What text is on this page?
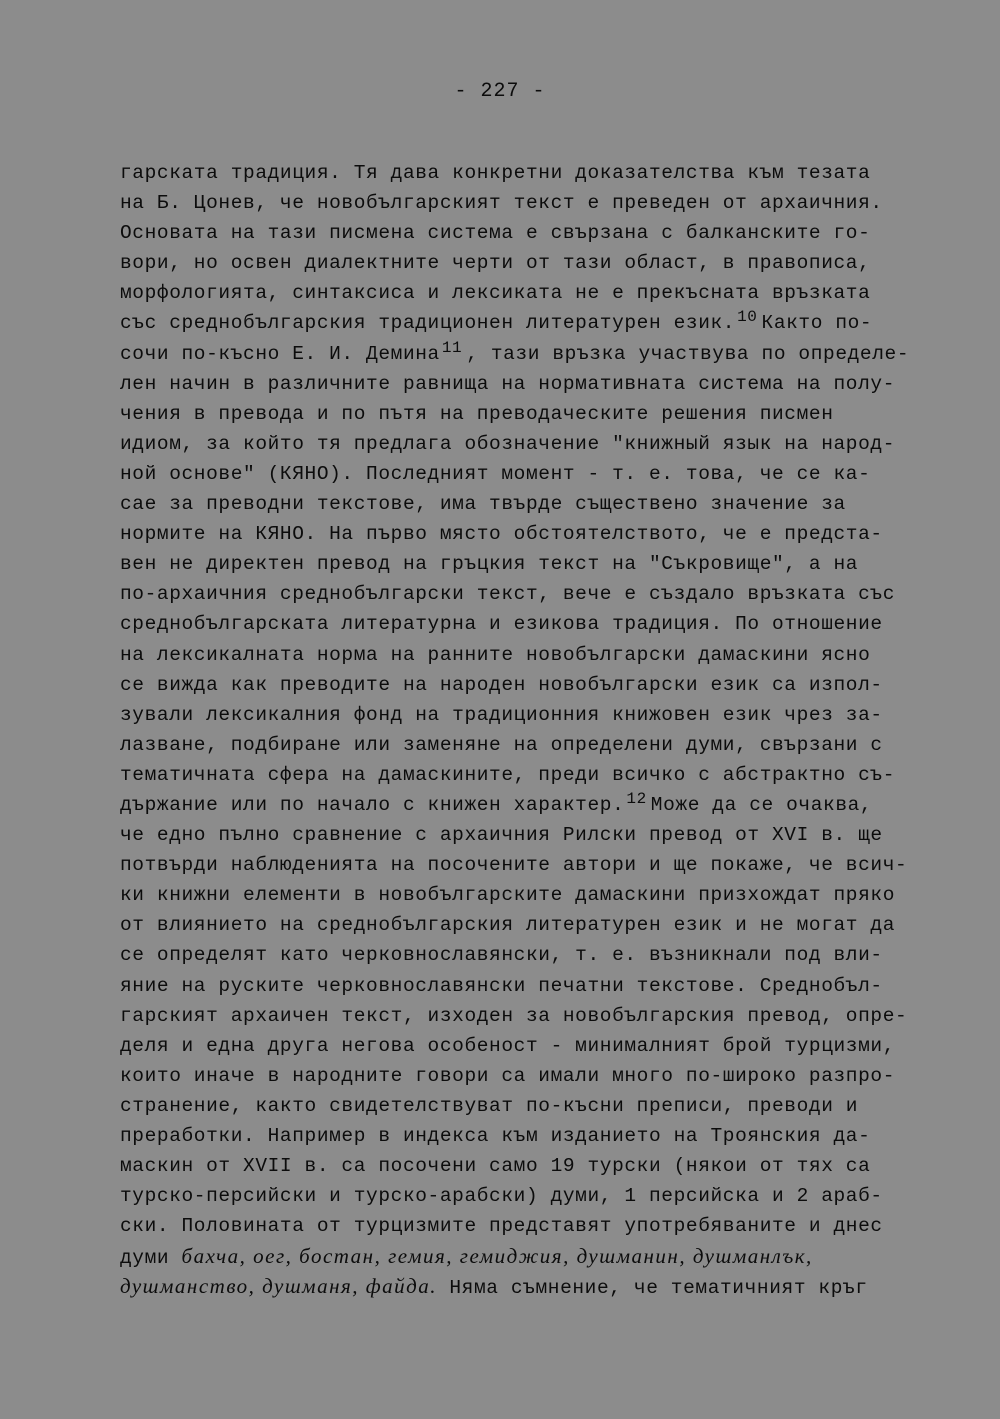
- 227 -
гарската традиция. Тя дава конкретни доказателства към тезата
на Б. Цонев, че новобългарският текст е преведен от архаичния.
Основата на тази писмена система е свързана с балканските го-
вори, но освен диалектните черти от тази област, в правописа,
морфологията, синтаксиса и лексиката не е прекъсната връзката
със среднобългарския традиционен литературен език. $^{10}$ Както по-
сочи по-късно Е. И. Демина $^{11}$ , тази връзка участвува по определе-
лен начин в различните равнища на нормативната система на полу-
чения в превода и по пътя на преводаческите решения писмен
идиом, за който тя предлага обозначение "книжный язык на народ-
ной основе" (КЯНО). Последният момент - т. е. това, че се ка-
сае за преводни текстове, има твърде съществено значение за
нормите на КЯНО. На първо място обстоятелството, че е предста-
вен не директен превод на гръцкия текст на "Съкровище", а на
по-архаичния среднобългарски текст, вече е създало връзката със
среднобългарската литературна и езикова традиция. По отношение
на лексикалната норма на ранните новобългарски дамаскини ясно
се вижда как преводите на народен новобългарски език са изпол-
зували лексикалния фонд на традиционния книжовен език чрез за-
лазване, подбиране или заменяне на определени думи, свързани с
тематичната сфера на дамаскините, преди всичко с абстрактно съ-
държание или по начало с книжен характер. $^{12}$ Може да се очаква,
че едно пълно сравнение с архаичния Рилски превод от XVI в. ще
потвърди наблюденията на посочените автори и ще покаже, че всич-
ки книжни елементи в новобългарските дамаскини призхождат пряко
от влиянието на среднобългарския литературен език и не могат да
се определят като черковнославянски, т. е. възникнали под вли-
яние на руските черковнославянски печатни текстове. Среднобъл-
гарският архаичен текст, изходен за новобългарския превод, опре-
деля и една друга негова особеност - минималният брой турцизми,
които иначе в народните говори са имали много по-широко разпро-
странение, както свидетелствуват по-късни преписи, преводи и
преработки. Например в индекса към изданието на Троянския да-
маскин от XVII в. са посочени само 19 турски (някои от тях са
турско-персийски и турско-арабски) думи, 1 персийска и 2 араб-
ски. Половината от турцизмите представят употребяваните и днес
думи бахча, оег, бостан, гемия, гемиджия, душманин, душманлък,
душманство, душманя, файда. Няма съмнение, че тематичният кръг
